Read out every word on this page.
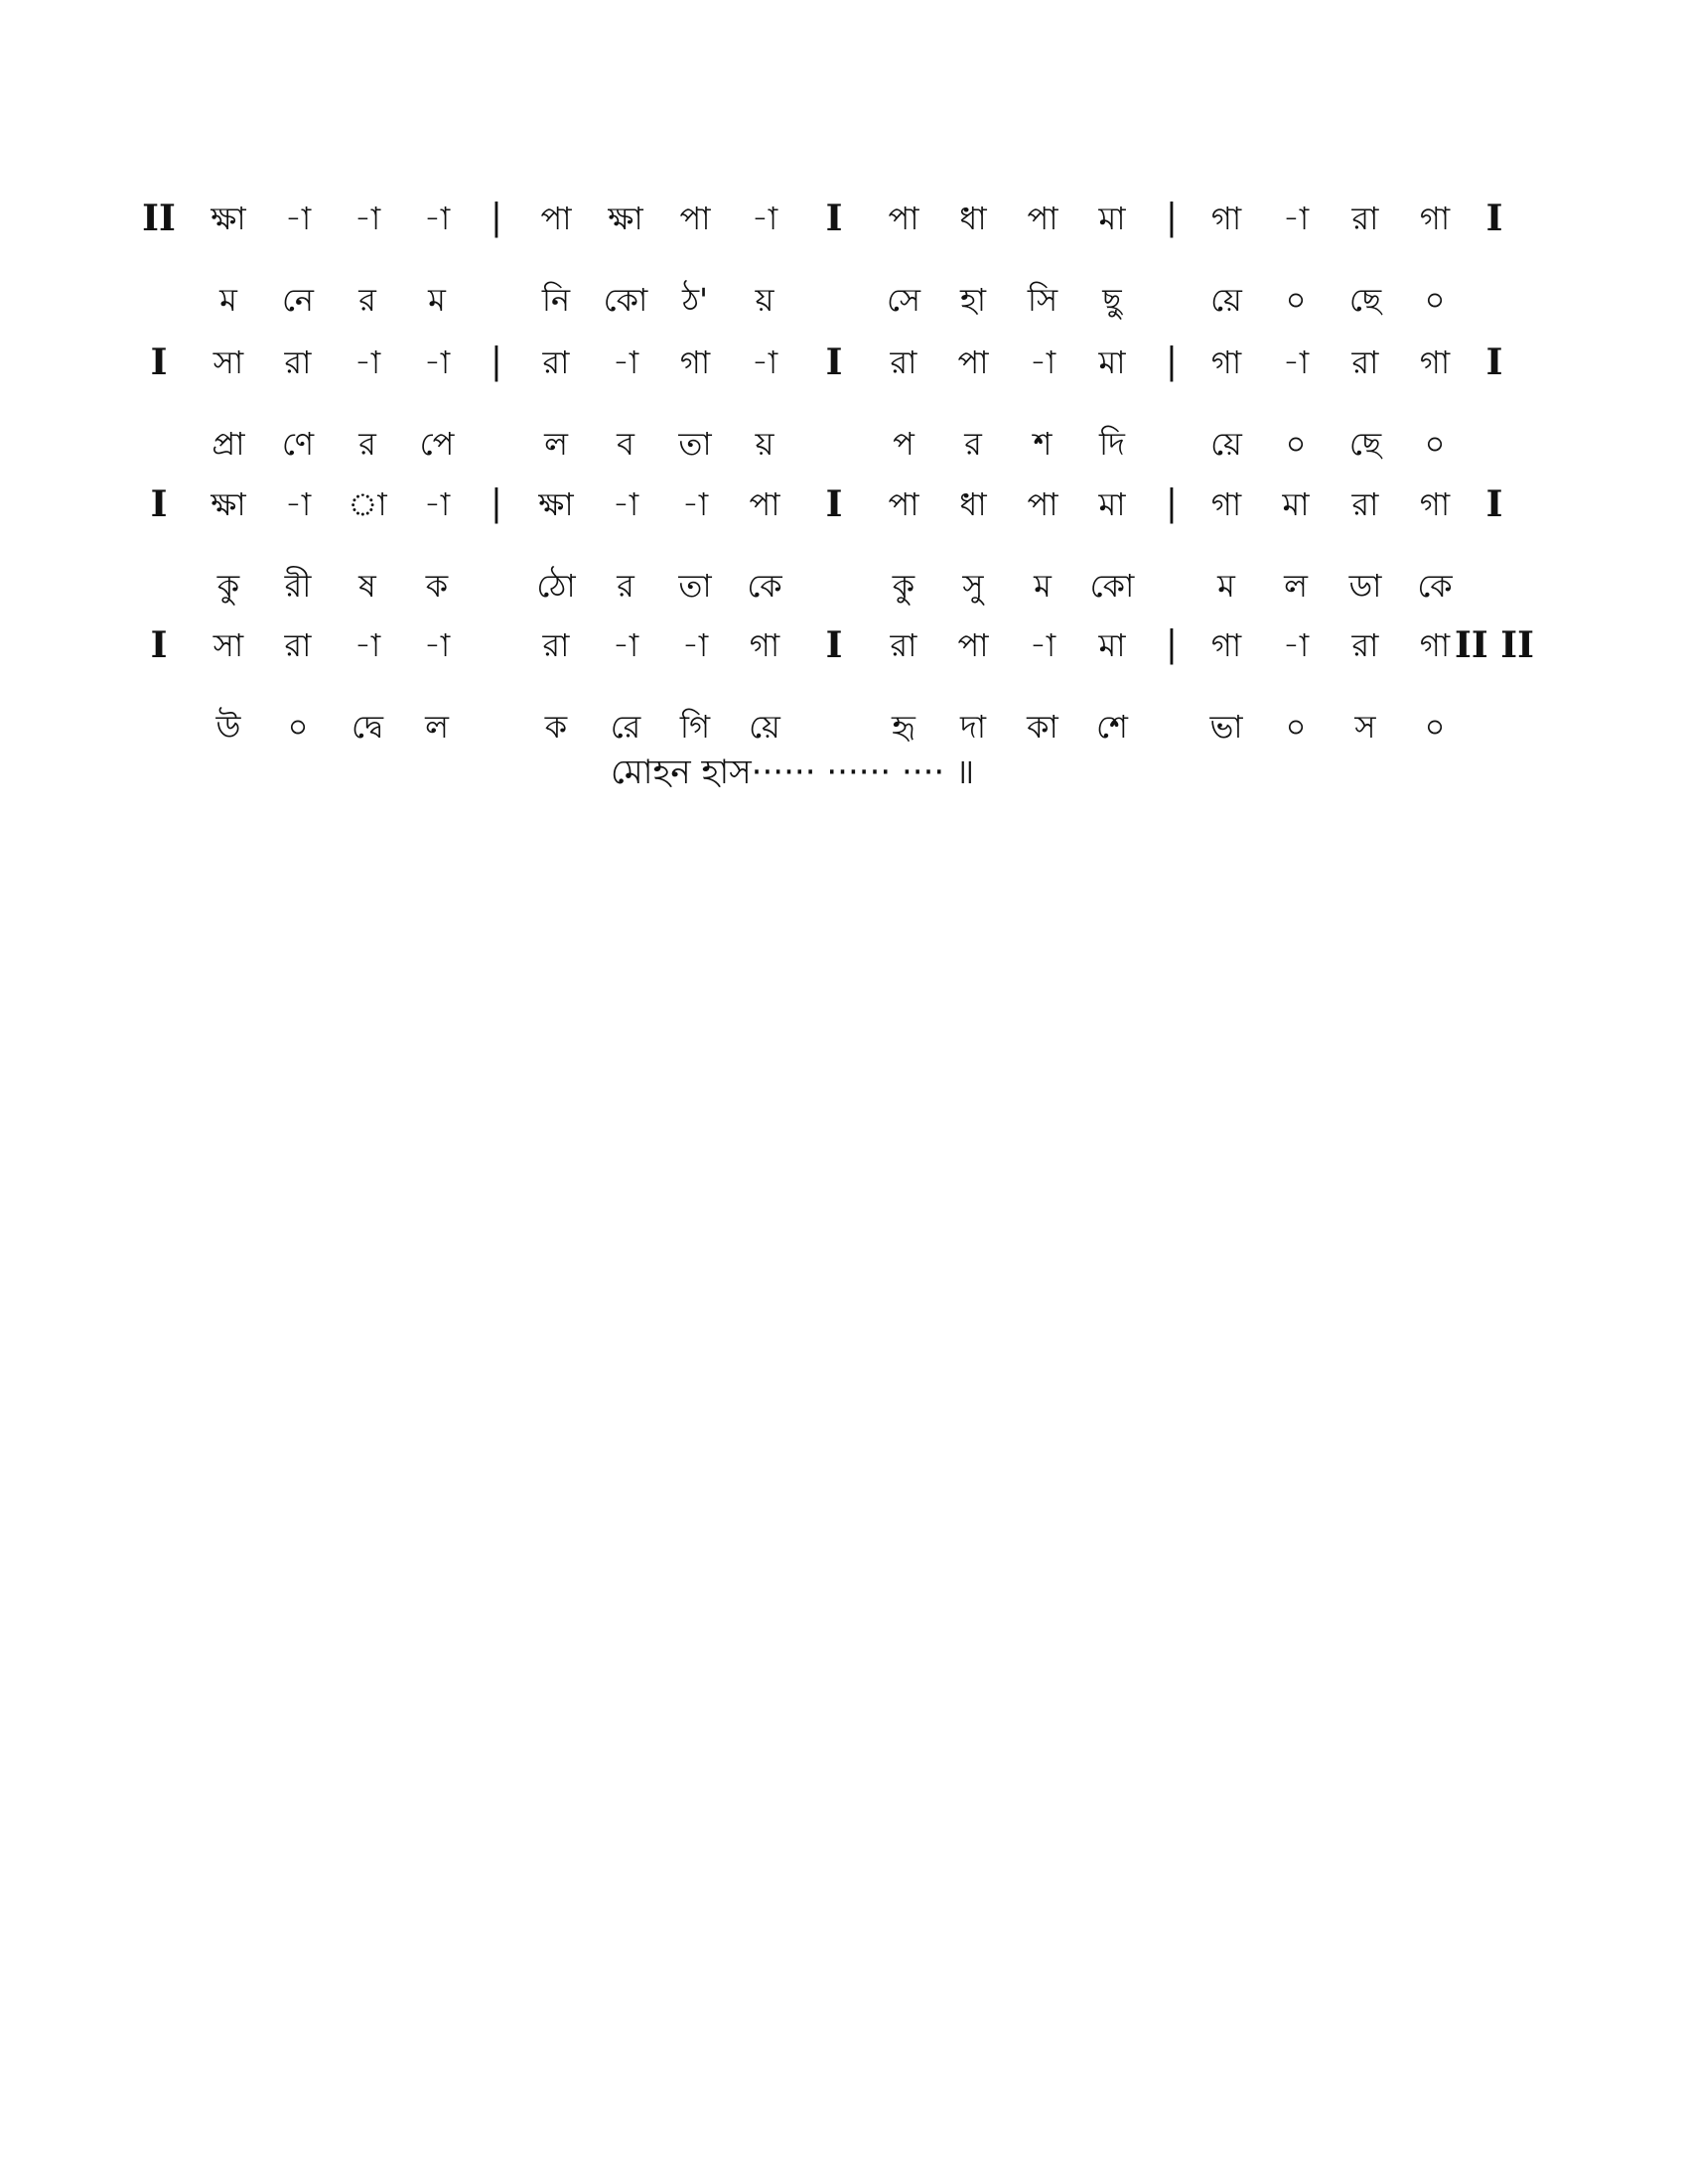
II ক্ষা -া -া -া | পা ক্ষা পা -া I পা ধা পা মা | গা -া রা গা I
ম নে র ম	নি কো ঠ' য়	সে হা সি ছু	য়ে ০ ছে ০
I সা রা -া -া | রা -া গা -া I রা পা -া মা | গা -া রা গা I
প্রা ণে র পে	ল ব তা য়	প র শ দি	য়ে ০ ছে ০
I ক্ষা -া া -া | ক্ষা -া -া পা I পা ধা পা মা | গা মা রা গা I
কু রী ষ ক	ঠো র তা কে	কু সু ম কো	ম ল ডা কে
I সা রা -া -া	রা -া -া গা I রা পা -া মা | গা -া রা গা II II
উ ০ দ্বে ল	ক রে গি য়ে	হৃ দা কা শে	ভা ০ স ০
মোহন হাস······ ······ ···· ॥
